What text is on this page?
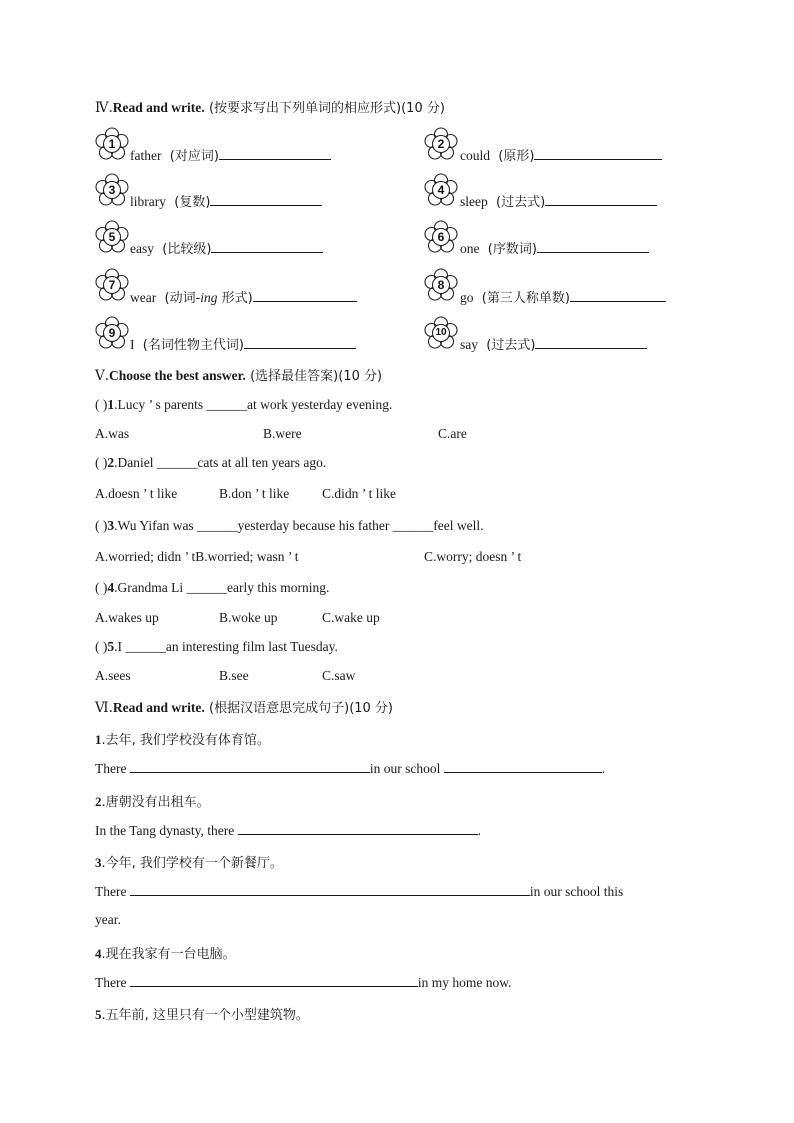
Ⅳ.Read and write. (按要求写出下列单词的相应形式)(10 分)
1
father (对应词)
2
could (原形)
3
library (复数)
4
sleep (过去式)
5
easy (比较级)
6
one (序数词)
7
wear (动词-ing 形式)
8
go (第三人称单数)
9
I (名词性物主代词)
10
say (过去式)
Ⅴ.Choose the best answer. (选择最佳答案)(10 分)
( )1.Lucy ’ s parents ______at work yesterday evening.
A.was	B.were	C.are
( )2.Daniel ______cats at all ten years ago.
A.doesn ’ t like	B.don ’ t like C.didn ’ t like
( )3.Wu Yifan was ______yesterday because his father ______feel well.
A.worried; didn ’ tB.worried; wasn ’ t	C.worry; doesn ’ t
( )4.Grandma Li ______early this morning.
A.wakes up	B.woke up	C.wake up
( )5.I ______an interesting film last Tuesday.
A.sees	B.see	C.saw
Ⅵ.Read and write. (根据汉语意思完成句子)(10 分)
1.去年, 我们学校没有体育馆。
There	in our school	.
2.唐朝没有出租车。
In the Tang dynasty, there	.
3.今年, 我们学校有一个新餐厅。
There	in our school this
year.
4.现在我家有一台电脑。
There	in my home now.
5.五年前, 这里只有一个小型建筑物。
